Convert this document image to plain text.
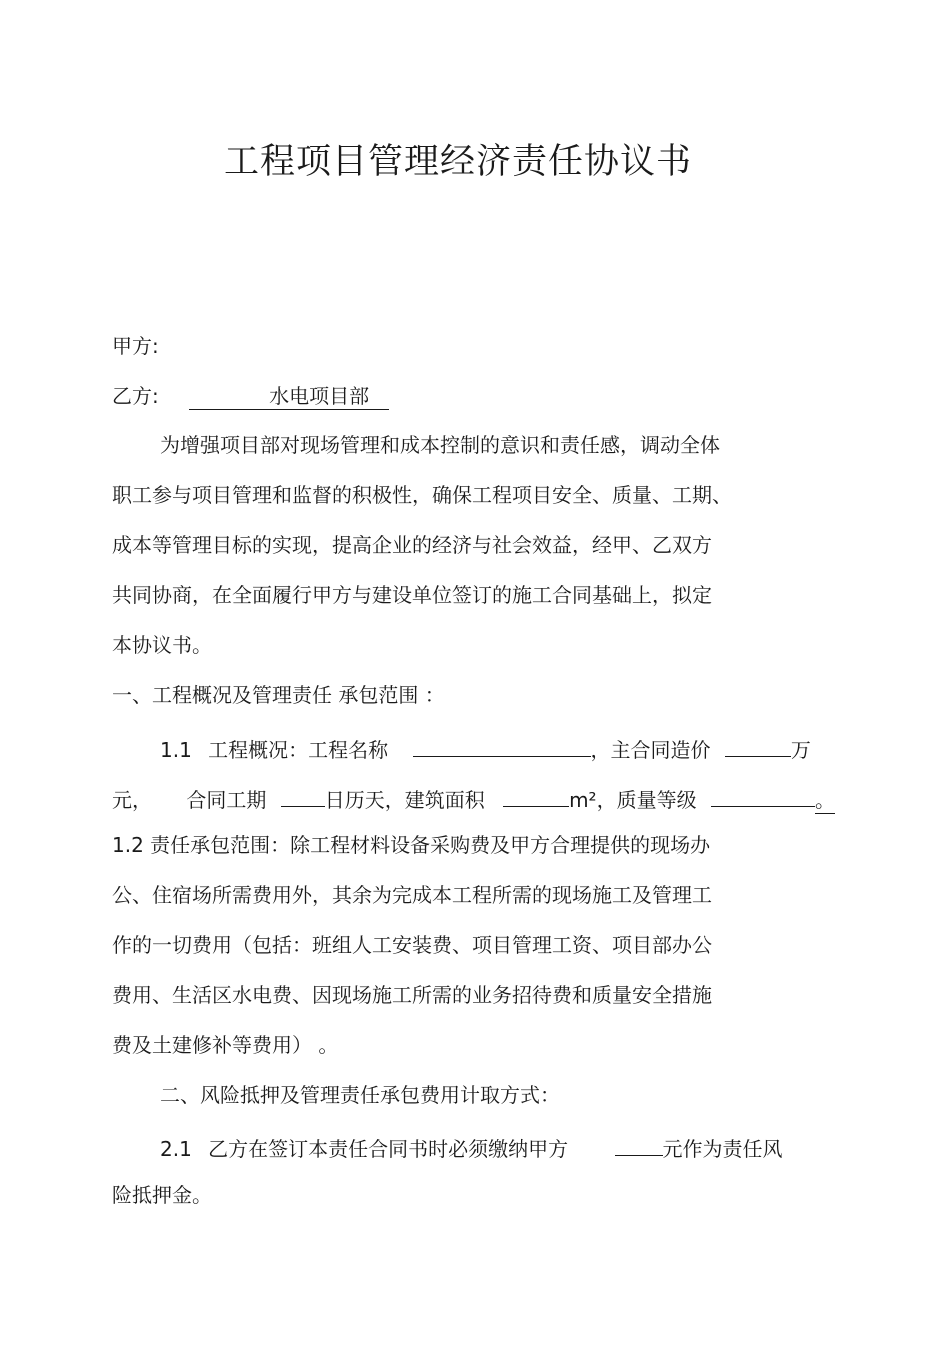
工程项目管理经济责任协议书
甲方:
乙方:	水电项目部
为增强项目部对现场管理和成本控制的意识和责任感，调动全体
职工参与项目管理和监督的积极性，确保工程项目安全、质量、工期、
成本等管理目标的实现，提高企业的经济与社会效益，经甲、乙双方
共同协商，在全面履行甲方与建设单位签订的施工合同基础上，拟定
本协议书。
一、工程概况及管理责任 承包范围 ：
1.1 工程概况：工程名称	，主合同造价	万
元， 合同工期	日历天，建筑面积	m²，质量等级	。
1.2 责任承包范围：除工程材料设备采购费及甲方合理提供的现场办
公、住宿场所需费用外，其余为完成本工程所需的现场施工及管理工
作的一切费用（包括：班组人工安装费、项目管理工资、项目部办公
费用、生活区水电费、因现场施工所需的业务招待费和质量安全措施
费及土建修补等费用） 。
二、风险抵押及管理责任承包费用计取方式：
2.1 乙方在签订本责任合同书时必须缴纳甲方	元作为责任风
险抵押金。
